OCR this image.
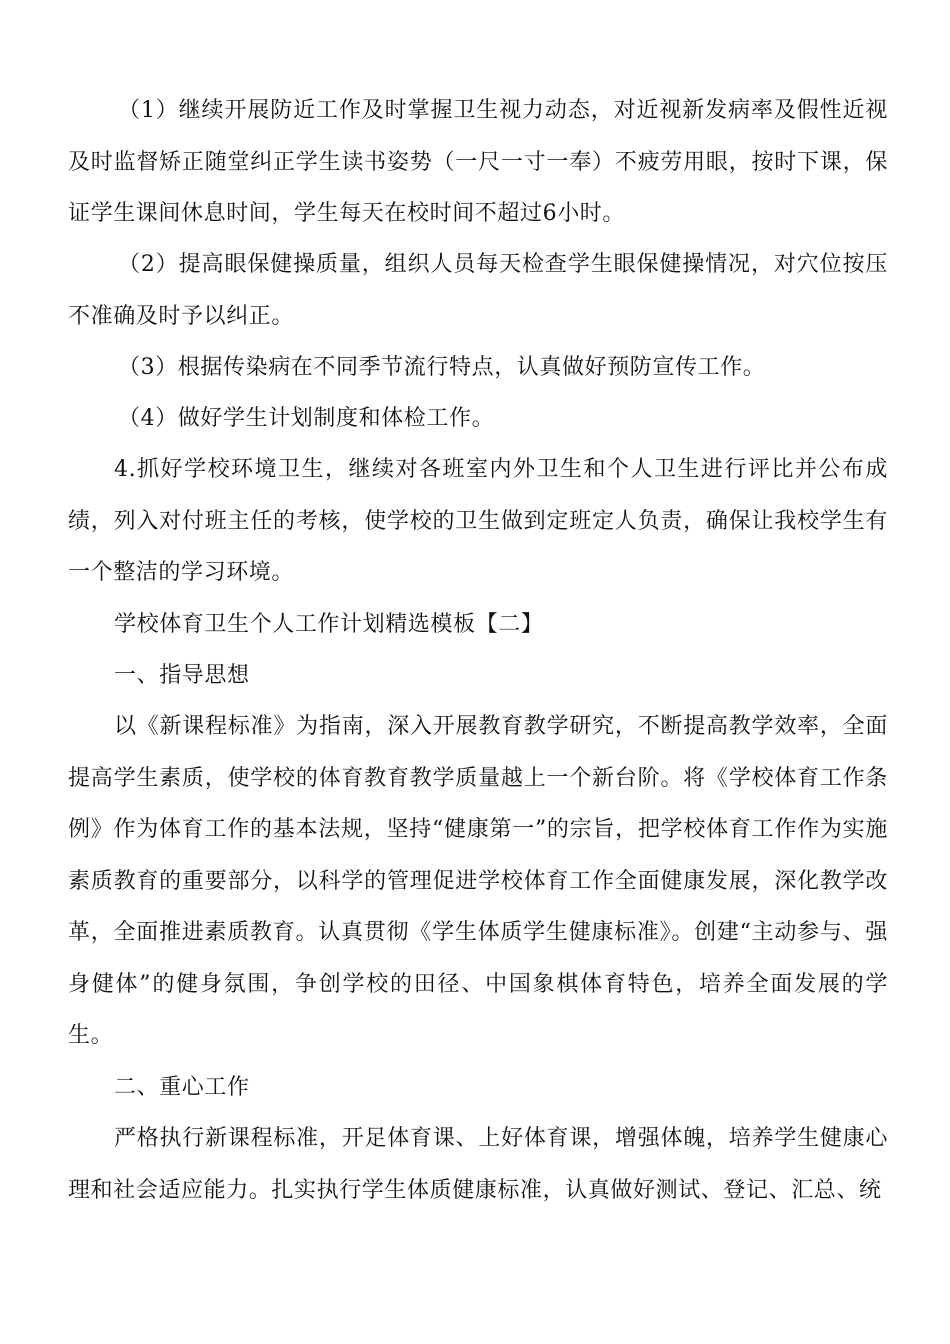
（1）继续开展防近工作及时掌握卫生视力动态，对近视新发病率及假性近视及时监督矫正随堂纠正学生读书姿势（一尺一寸一奉）不疲劳用眼，按时下课，保证学生课间休息时间，学生每天在校时间不超过6小时。

（2）提高眼保健操质量，组织人员每天检查学生眼保健操情况，对穴位按压不准确及时予以纠正。

（3）根据传染病在不同季节流行特点，认真做好预防宣传工作。

（4）做好学生计划制度和体检工作。

4.抓好学校环境卫生，继续对各班室内外卫生和个人卫生进行评比并公布成绩，列入对付班主任的考核，使学校的卫生做到定班定人负责，确保让我校学生有一个整洁的学习环境。

学校体育卫生个人工作计划精选模板【二】

一、指导思想

以《新课程标准》为指南，深入开展教育教学研究，不断提高教学效率，全面提高学生素质，使学校的体育教育教学质量越上一个新台阶。将《学校体育工作条例》作为体育工作的基本法规，坚持“健康第一”的宗旨，把学校体育工作作为实施素质教育的重要部分，以科学的管理促进学校体育工作全面健康发展，深化教学改革，全面推进素质教育。认真贯彻《学生体质学生健康标准》。创建“主动参与、强身健体”的健身氛围，争创学校的田径、中国象棋体育特色，培养全面发展的学生。

二、重心工作

严格执行新课程标准，开足体育课、上好体育课，增强体魄，培养学生健康心理和社会适应能力。扎实执行学生体质健康标准，认真做好测试、登记、汇总、统
